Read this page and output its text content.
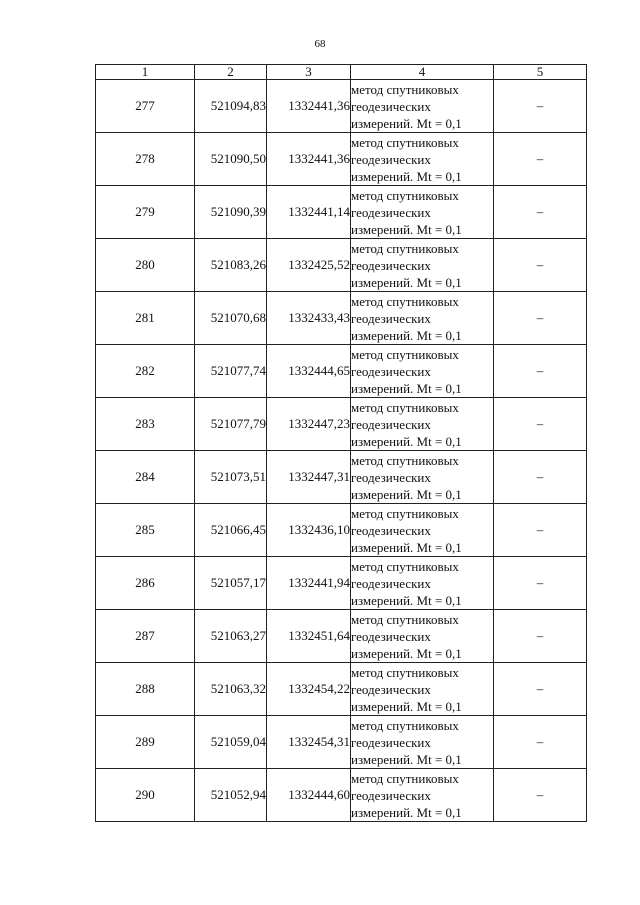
68
1	2	3	4	5
277	521094,83	1332441,36	метод спутниковых
геодезических
измерений. Mt = 0,1	–
278	521090,50	1332441,36	метод спутниковых
геодезических
измерений. Mt = 0,1	–
279	521090,39	1332441,14	метод спутниковых
геодезических
измерений. Mt = 0,1	–
280	521083,26	1332425,52	метод спутниковых
геодезических
измерений. Mt = 0,1	–
281	521070,68	1332433,43	метод спутниковых
геодезических
измерений. Mt = 0,1	–
282	521077,74	1332444,65	метод спутниковых
геодезических
измерений. Mt = 0,1	–
283	521077,79	1332447,23	метод спутниковых
геодезических
измерений. Mt = 0,1	–
284	521073,51	1332447,31	метод спутниковых
геодезических
измерений. Mt = 0,1	–
285	521066,45	1332436,10	метод спутниковых
геодезических
измерений. Mt = 0,1	–
286	521057,17	1332441,94	метод спутниковых
геодезических
измерений. Mt = 0,1	–
287	521063,27	1332451,64	метод спутниковых
геодезических
измерений. Mt = 0,1	–
288	521063,32	1332454,22	метод спутниковых
геодезических
измерений. Mt = 0,1	–
289	521059,04	1332454,31	метод спутниковых
геодезических
измерений. Mt = 0,1	–
290	521052,94	1332444,60	метод спутниковых
геодезических
измерений. Mt = 0,1	–
